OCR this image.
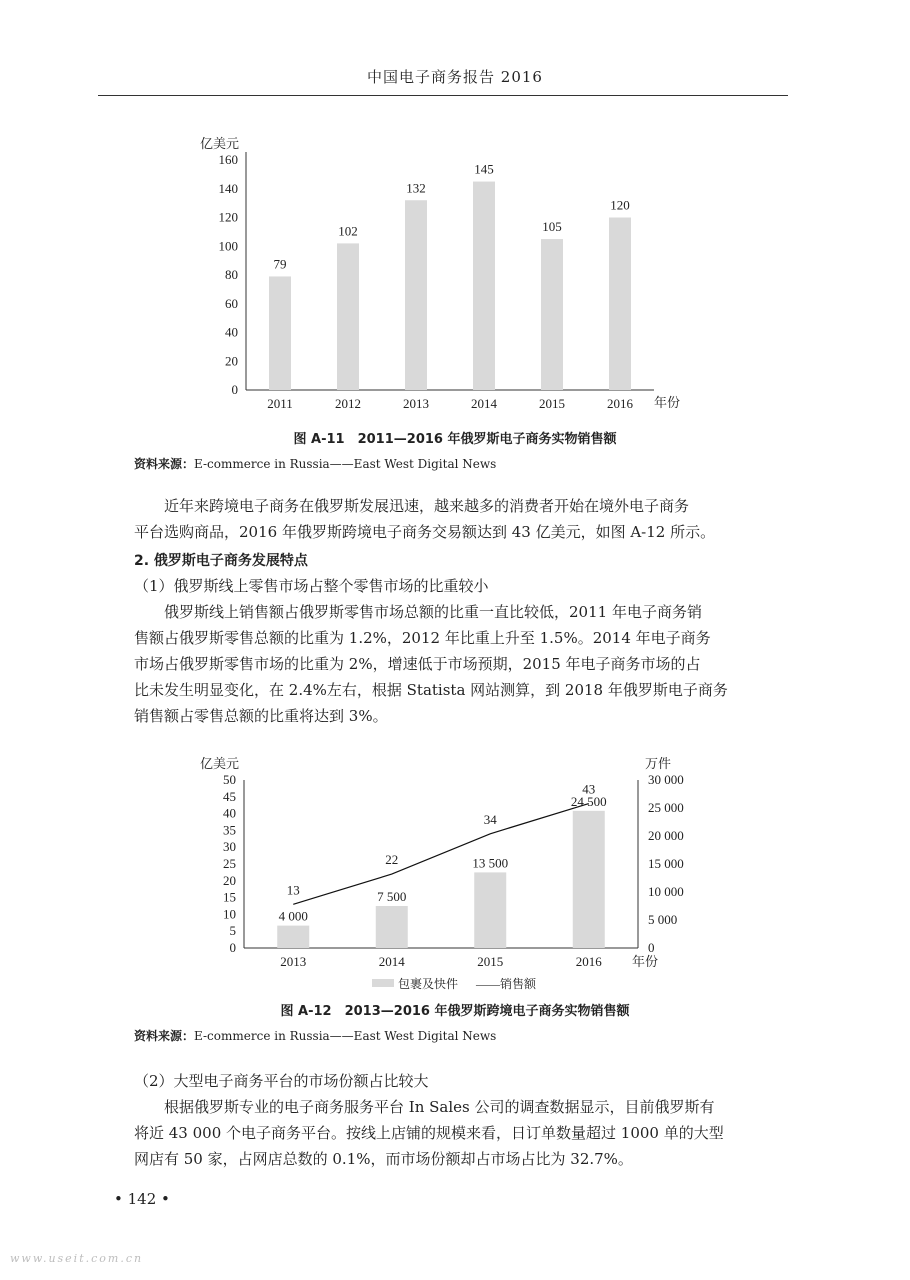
中国电子商务报告 2016
亿美元
0
20
40
60
80
100
120
140
160
79
2011
102
2012
132
2013
145
2014
105
2015
120
2016 年份
图 A-11　2011—2016 年俄罗斯电子商务实物销售额
资料来源：E-commerce in Russia——East West Digital News
近年来跨境电子商务在俄罗斯发展迅速，越来越多的消费者开始在境外电子商务
平台选购商品，2016 年俄罗斯跨境电子商务交易额达到 43 亿美元，如图 A-12 所示。
2. 俄罗斯电子商务发展特点
（1）俄罗斯线上零售市场占整个零售市场的比重较小
俄罗斯线上销售额占俄罗斯零售市场总额的比重一直比较低，2011 年电子商务销
售额占俄罗斯零售总额的比重为 1.2%，2012 年比重上升至 1.5%。2014 年电子商务
市场占俄罗斯零售市场的比重为 2%，增速低于市场预期，2015 年电子商务市场的占
比未发生明显变化，在 2.4%左右，根据 Statista 网站测算，到 2018 年俄罗斯电子商务
销售额占零售总额的比重将达到 3%。
亿美元	万件
0
5
10
15
20
25
30
35
40
45
50
0
5 000
10 000
15 000
20 000
25 000
30 000
4 000
2013
7 500
2014
13 500
2015
24 500
2016
13
22
34
43
年份
包裹及快件 ——销售额
图 A-12　2013—2016 年俄罗斯跨境电子商务实物销售额
资料来源：E-commerce in Russia——East West Digital News
（2）大型电子商务平台的市场份额占比较大
根据俄罗斯专业的电子商务服务平台 In Sales 公司的调查数据显示，目前俄罗斯有
将近 43 000 个电子商务平台。按线上店铺的规模来看，日订单数量超过 1000 单的大型
网店有 50 家，占网店总数的 0.1%，而市场份额却占市场占比为 32.7%。
• 142 •
www.useit.com.cn
